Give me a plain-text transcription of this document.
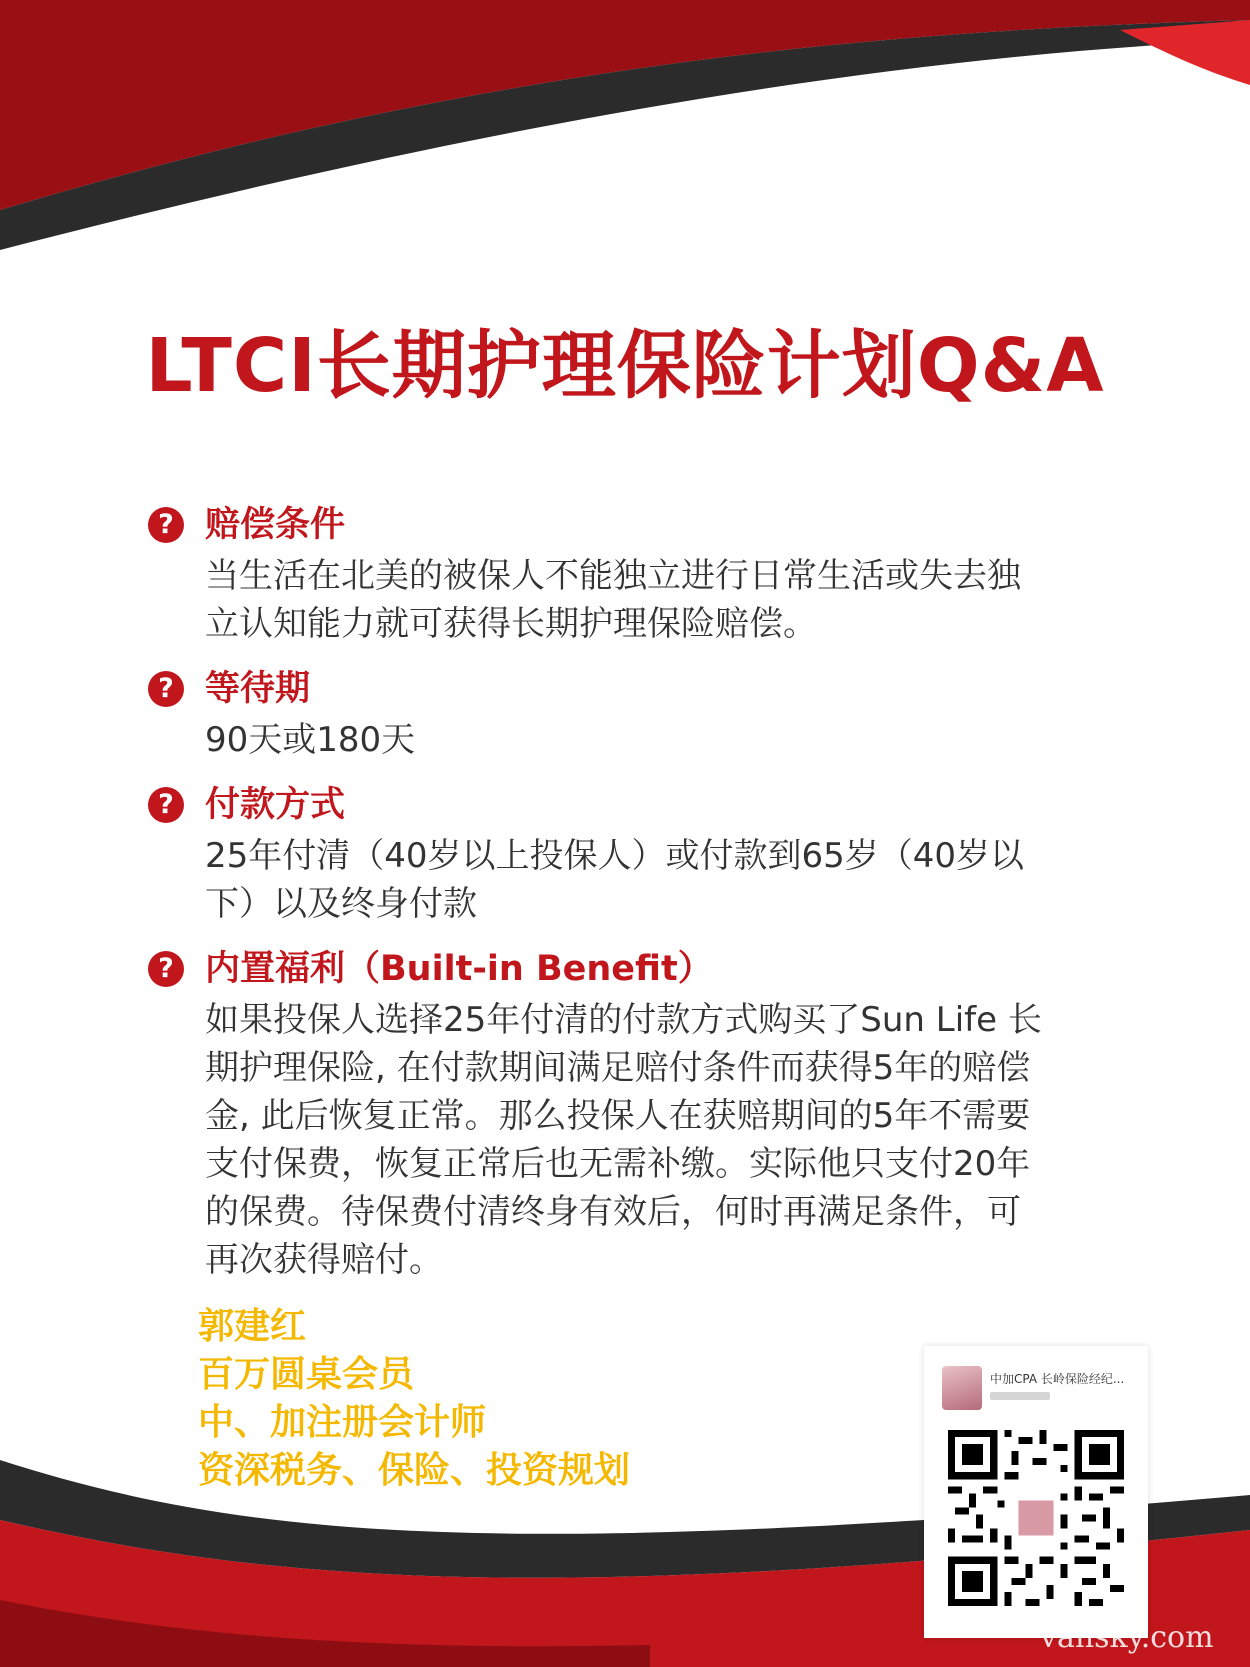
LTCI长期护理保险计划Q&A
? 赔偿条件
当生活在北美的被保人不能独立进行日常生活或失去独
立认知能力就可获得长期护理保险赔偿。
? 等待期
90天或180天
? 付款方式
25年付清（40岁以上投保人）或付款到65岁（40岁以
下）以及终身付款
? 内置福利（Built-in Benefit）
如果投保人选择25年付清的付款方式购买了Sun Life 长
期护理保险, 在付款期间满足赔付条件而获得5年的赔偿
金, 此后恢复正常。那么投保人在获赔期间的5年不需要
支付保费，恢复正常后也无需补缴。实际他只支付20年
的保费。待保费付清终身有效后，何时再满足条件，可
再次获得赔付。
郭建红
百万圆桌会员
中、加注册会计师
资深税务、保险、投资规划
中加CPA 长岭保险经纪...
vansky.com
